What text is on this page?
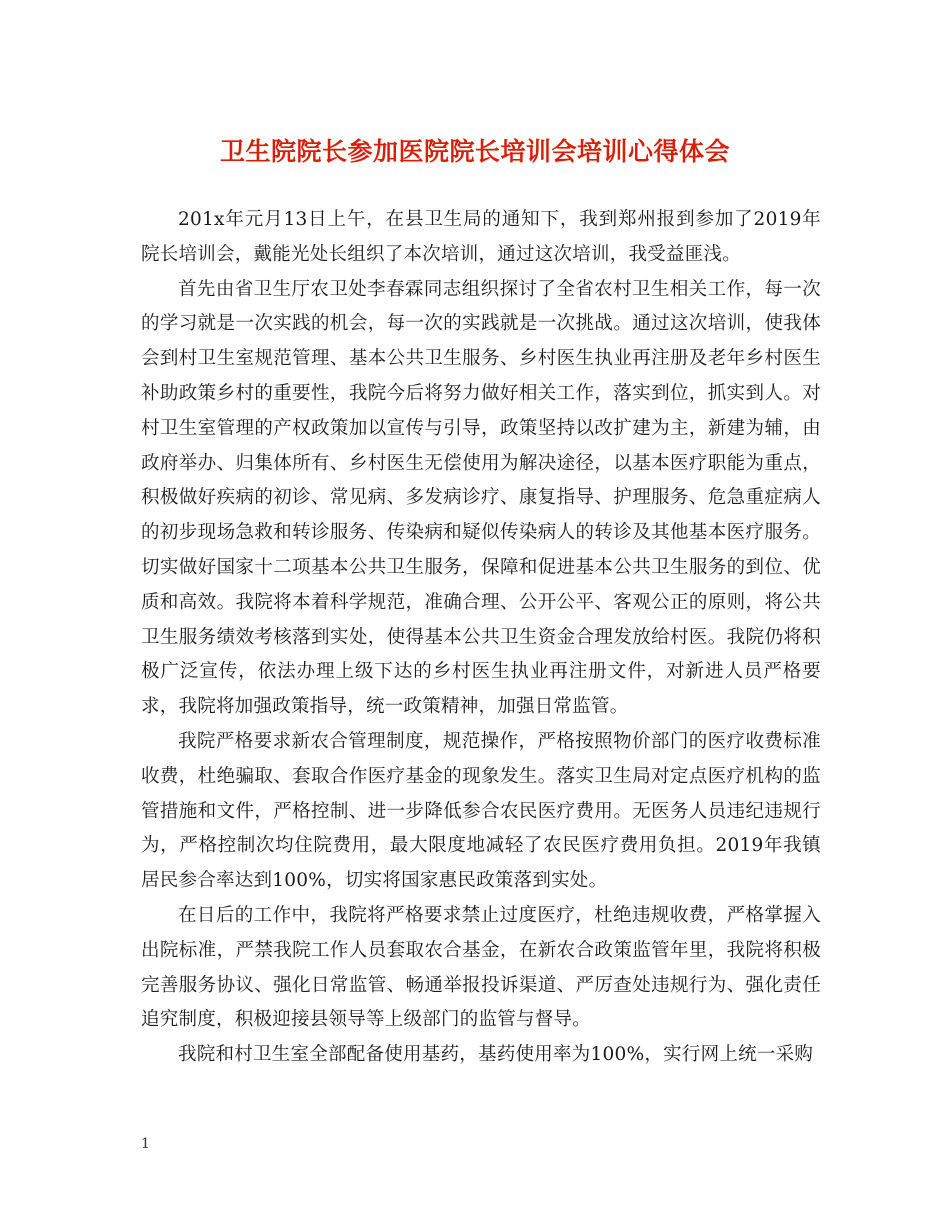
卫生院院长参加医院院长培训会培训心得体会

201x年元月13日上午，在县卫生局的通知下，我到郑州报到参加了2019年院长培训会，戴能光处长组织了本次培训，通过这次培训，我受益匪浅。

首先由省卫生厅农卫处李春霖同志组织探讨了全省农村卫生相关工作，每一次的学习就是一次实践的机会，每一次的实践就是一次挑战。通过这次培训，使我体会到村卫生室规范管理、基本公共卫生服务、乡村医生执业再注册及老年乡村医生补助政策乡村的重要性，我院今后将努力做好相关工作，落实到位，抓实到人。对村卫生室管理的产权政策加以宣传与引导，政策坚持以改扩建为主，新建为辅，由政府举办、归集体所有、乡村医生无偿使用为解决途径，以基本医疗职能为重点，积极做好疾病的初诊、常见病、多发病诊疗、康复指导、护理服务、危急重症病人的初步现场急救和转诊服务、传染病和疑似传染病人的转诊及其他基本医疗服务。切实做好国家十二项基本公共卫生服务，保障和促进基本公共卫生服务的到位、优质和高效。我院将本着科学规范，准确合理、公开公平、客观公正的原则，将公共卫生服务绩效考核落到实处，使得基本公共卫生资金合理发放给村医。我院仍将积极广泛宣传，依法办理上级下达的乡村医生执业再注册文件，对新进人员严格要求，我院将加强政策指导，统一政策精神，加强日常监管。

我院严格要求新农合管理制度，规范操作，严格按照物价部门的医疗收费标准收费，杜绝骗取、套取合作医疗基金的现象发生。落实卫生局对定点医疗机构的监管措施和文件，严格控制、进一步降低参合农民医疗费用。无医务人员违纪违规行为，严格控制次均住院费用，最大限度地减轻了农民医疗费用负担。2019年我镇居民参合率达到100%，切实将国家惠民政策落到实处。

在日后的工作中，我院将严格要求禁止过度医疗，杜绝违规收费，严格掌握入出院标准，严禁我院工作人员套取农合基金，在新农合政策监管年里，我院将积极完善服务协议、强化日常监管、畅通举报投诉渠道、严厉查处违规行为、强化责任追究制度，积极迎接县领导等上级部门的监管与督导。

我院和村卫生室全部配备使用基药，基药使用率为100%，实行网上统一采购

1
